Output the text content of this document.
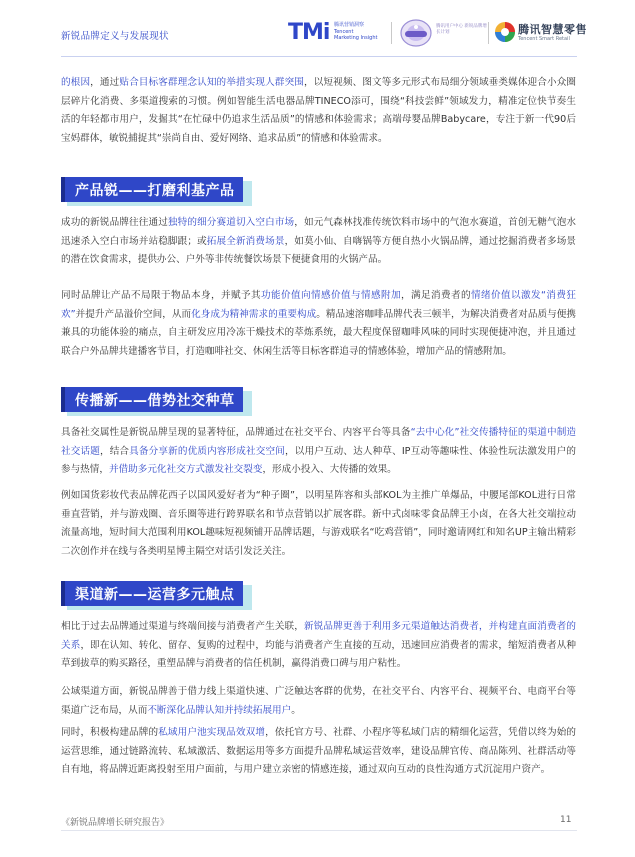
新锐品牌定义与发展现状	TMi 腾讯营销洞察 Tencent Marketing Insight
腾讯用户中心 新锐品牌增长计划	腾讯智慧零售
Tencent Smart Retail

的根因，通过贴合目标客群理念认知的举措实现人群突围，以短视频、图文等多元形式布局细分领域垂类媒体迎合小众圈层碎片化消费、多渠道搜索的习惯。例如智能生活电器品牌TINECO添可，围绕“科技尝鲜”领域发力，精准定位快节奏生活的年轻都市用户，发掘其“在忙碌中仍追求生活品质”的情感和体验需求；高端母婴品牌Babycare，专注于新一代90后宝妈群体，敏锐捕捉其“崇尚自由、爱好网络、追求品质”的情感和体验需求。

产品锐——打磨利基产品

成功的新锐品牌往往通过独特的细分赛道切入空白市场，如元气森林找准传统饮料市场中的气泡水赛道，首创无糖气泡水迅速杀入空白市场并站稳脚跟；或拓展全新消费场景，如莫小仙、自嗨锅等方便自热小火锅品牌，通过挖掘消费者多场景的潜在饮食需求，提供办公、户外等非传统餐饮场景下便捷食用的火锅产品。

同时品牌让产品不局限于物品本身，并赋予其功能价值向情感价值与情感附加，满足消费者的情绪价值以激发“消费狂欢”并提升产品溢价空间，从而化身成为精神需求的重要构成。精品速溶咖啡品牌代表三顿半，为解决消费者对品质与便携兼具的功能体验的痛点，自主研发应用冷冻干燥技术的萃炼系统，最大程度保留咖啡风味的同时实现便捷冲泡，并且通过联合户外品牌共建播客节目，打造咖啡社交、休闲生活等目标客群追寻的情感体验，增加产品的情感附加。

传播新——借势社交种草

具备社交属性是新锐品牌呈现的显著特征，品牌通过在社交平台、内容平台等具备“去中心化”社交传播特征的渠道中制造社交话题，结合具备分享新的优质内容形成社交空间，以用户互动、达人种草、IP互动等趣味性、体验性玩法激发用户的参与热情，并借助多元化社交方式激发社交裂变，形成小投入、大传播的效果。

例如国货彩妆代表品牌花西子以国风爱好者为“种子圈”，以明星阵容和头部KOL为主推广单爆品，中腰尾部KOL进行日常垂直营销，并与游戏圈、音乐圈等进行跨界联名和节点营销以扩展客群。新中式卤味零食品牌王小卤，在各大社交端拉动流量高地，短时间大范围利用KOL趣味短视频铺开品牌话题，与游戏联名“吃鸡营销”，同时邀请网红和知名UP主输出精彩二次创作并在线与各类明星博主隔空对话引发泛关注。

渠道新——运营多元触点

相比于过去品牌通过渠道与终端间接与消费者产生关联，新锐品牌更善于利用多元渠道触达消费者，并构建直面消费者的关系，即在认知、转化、留存、复购的过程中，均能与消费者产生直接的互动，迅速回应消费者的需求，缩短消费者从种草到拔草的购买路径，重塑品牌与消费者的信任机制，赢得消费口碑与用户粘性。

公域渠道方面，新锐品牌善于借力线上渠道快速、广泛触达客群的优势，在社交平台、内容平台、视频平台、电商平台等渠道广泛布局，从而不断深化品牌认知并持续拓展用户。

同时，积极构建品牌的私域用户池实现品效双增，依托官方号、社群、小程序等私域门店的精细化运营，凭借以终为始的运营思维，通过链路流转、私域激活、数据运用等多方面提升品牌私域运营效率，建设品牌官传、商品陈列、社群活动等自有地，将品牌近距离投射至用户面前，与用户建立亲密的情感连接，通过双向互动的良性沟通方式沉淀用户资产。

《新锐品牌增长研究报告》	11
